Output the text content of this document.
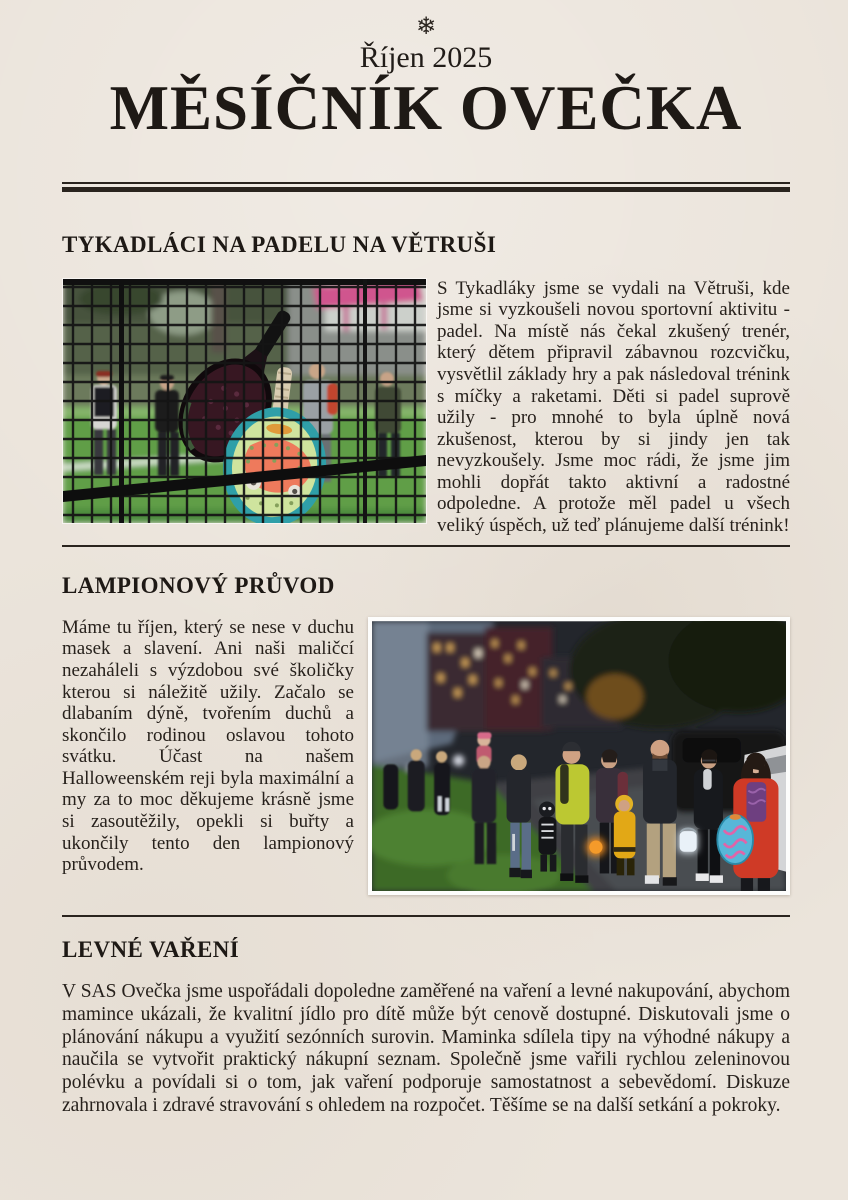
❄
Říjen 2025
MĚSÍČNÍK OVEČKA
TYKADLÁCI NA PADELU NA VĚTRUŠI

S Tykadláky jsme se vydali na Větruši, kde jsme si vyzkoušeli novou sportovní aktivitu - padel. Na místě nás čekal zkušený trenér, který dětem připravil zábavnou rozcvičku, vysvětlil základy hry a pak následoval trénink s míčky a raketami. Děti si padel suprově užily - pro mnohé to byla úplně nová zkušenost, kterou by si jindy jen tak nevyzkoušely. Jsme moc rádi, že jsme jim mohli dopřát takto aktivní a radostné odpoledne. A protože měl padel u všech veliký úspěch, už teď plánujeme další trénink!

LAMPIONOVÝ PRŮVOD

Máme tu říjen, který se nese v duchu masek a slavení. Ani naši maličcí nezaháleli s výzdobou své školičky kterou si náležitě užily. Začalo se dlabaním dýně, tvořením duchů a skončilo rodinou oslavou tohoto svátku. Účast na našem Halloweenském reji byla maximální a my za to moc děkujeme krásně jsme si zasoutěžily, opekli si buřty a ukončily tento den lampionový průvodem.

LEVNÉ VAŘENÍ

V SAS Ovečka jsme uspořádali dopoledne zaměřené na vaření a levné nakupování, abychom mamince ukázali, že kvalitní jídlo pro dítě může být cenově dostupné. Diskutovali jsme o plánování nákupu a využití sezónních surovin. Maminka sdílela tipy na výhodné nákupy a naučila se vytvořit praktický nákupní seznam. Společně jsme vařili rychlou zeleninovou polévku a povídali si o tom, jak vaření podporuje samostatnost a sebevědomí. Diskuze zahrnovala i zdravé stravování s ohledem na rozpočet. Těšíme se na další setkání a pokroky.
